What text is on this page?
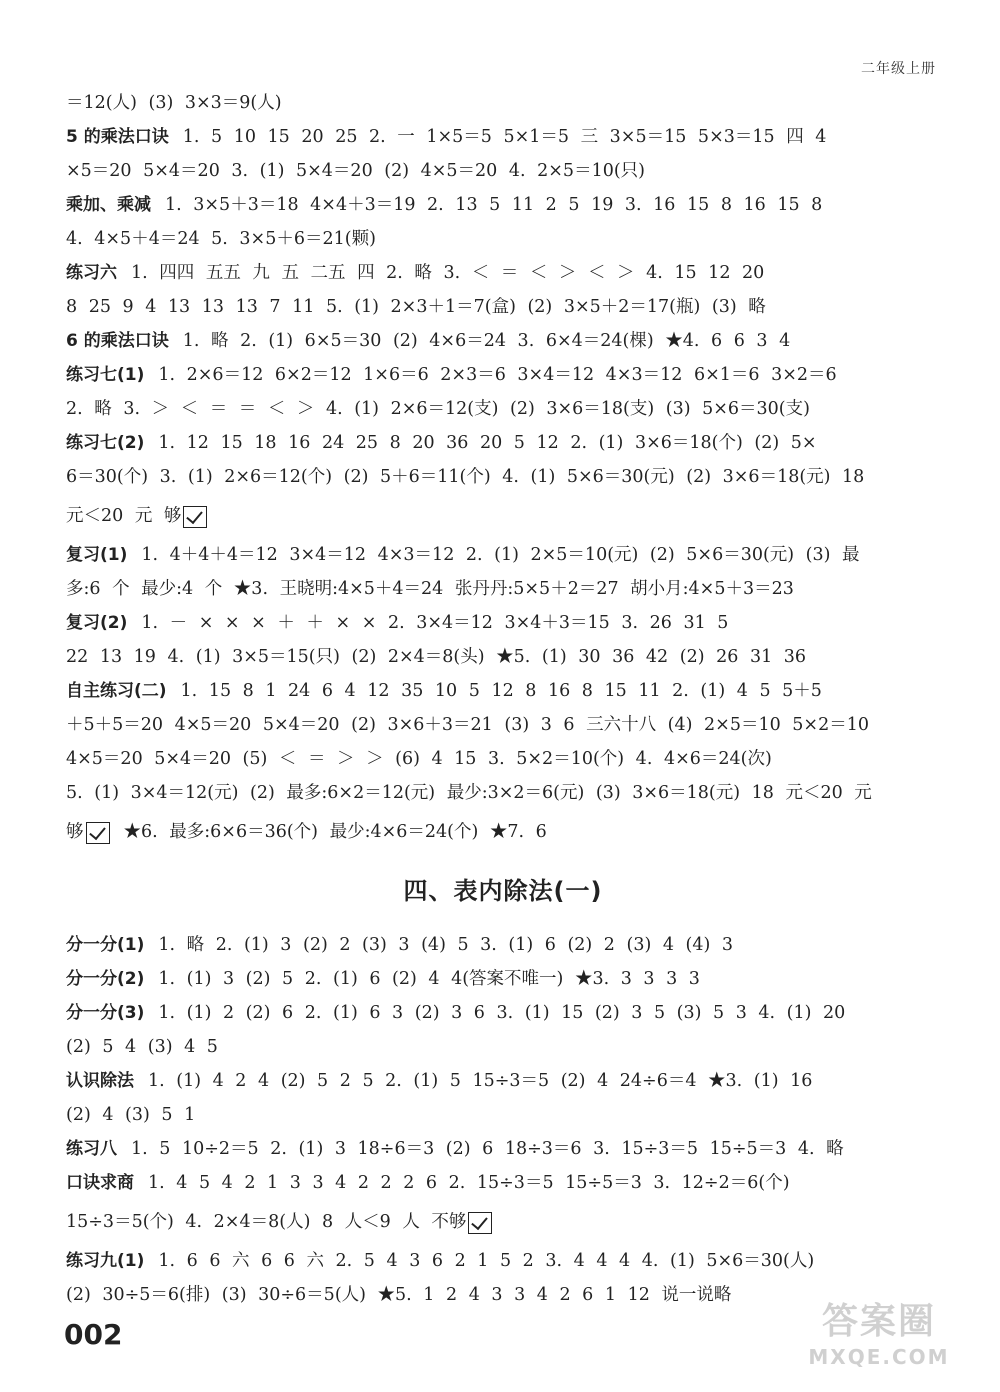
二年级上册
＝12(人) (3) 3×3＝9(人)
5 的乘法口诀 1. 5 10 15 20 25 2. 一 1×5＝5 5×1＝5 三 3×5＝15 5×3＝15 四 4
×5＝20 5×4＝20 3. (1) 5×4＝20 (2) 4×5＝20 4. 2×5＝10(只)
乘加、乘减 1. 3×5＋3＝18 4×4＋3＝19 2. 13 5 11 2 5 19 3. 16 15 8 16 15 8
4. 4×5＋4＝24 5. 3×5＋6＝21(颗)
练习六 1. 四四 五五 九 五 二五 四 2. 略 3. ＜ ＝ ＜ ＞ ＜ ＞ 4. 15 12 20
8 25 9 4 13 13 13 7 11 5. (1) 2×3＋1＝7(盒) (2) 3×5＋2＝17(瓶) (3) 略
6 的乘法口诀 1. 略 2. (1) 6×5＝30 (2) 4×6＝24 3. 6×4＝24(棵) ★4. 6 6 3 4
练习七(1) 1. 2×6＝12 6×2＝12 1×6＝6 2×3＝6 3×4＝12 4×3＝12 6×1＝6 3×2＝6
2. 略 3. ＞ ＜ ＝ ＝ ＜ ＞ 4. (1) 2×6＝12(支) (2) 3×6＝18(支) (3) 5×6＝30(支)
练习七(2) 1. 12 15 18 16 24 25 8 20 36 20 5 12 2. (1) 3×6＝18(个) (2) 5×
6＝30(个) 3. (1) 2×6＝12(个) (2) 5＋6＝11(个) 4. (1) 5×6＝30(元) (2) 3×6＝18(元) 18
元＜20 元 够
复习(1) 1. 4＋4＋4＝12 3×4＝12 4×3＝12 2. (1) 2×5＝10(元) (2) 5×6＝30(元) (3) 最
多:6 个 最少:4 个 ★3. 王晓明:4×5＋4＝24 张丹丹:5×5＋2＝27 胡小月:4×5＋3＝23
复习(2) 1. － × × × ＋ ＋ × × 2. 3×4＝12 3×4＋3＝15 3. 26 31 5
22 13 19 4. (1) 3×5＝15(只) (2) 2×4＝8(头) ★5. (1) 30 36 42 (2) 26 31 36
自主练习(二) 1. 15 8 1 24 6 4 12 35 10 5 12 8 16 8 15 11 2. (1) 4 5 5＋5
＋5＋5＝20 4×5＝20 5×4＝20 (2) 3×6＋3＝21 (3) 3 6 三六十八 (4) 2×5＝10 5×2＝10
4×5＝20 5×4＝20 (5) ＜ ＝ ＞ ＞ (6) 4 15 3. 5×2＝10(个) 4. 4×6＝24(次)
5. (1) 3×4＝12(元) (2) 最多:6×2＝12(元) 最少:3×2＝6(元) (3) 3×6＝18(元) 18 元＜20 元
够 ★6. 最多:6×6＝36(个) 最少:4×6＝24(个) ★7. 6
四、表内除法(一)
分一分(1) 1. 略 2. (1) 3 (2) 2 (3) 3 (4) 5 3. (1) 6 (2) 2 (3) 4 (4) 3
分一分(2) 1. (1) 3 (2) 5 2. (1) 6 (2) 4 4(答案不唯一) ★3. 3 3 3 3
分一分(3) 1. (1) 2 (2) 6 2. (1) 6 3 (2) 3 6 3. (1) 15 (2) 3 5 (3) 5 3 4. (1) 20
(2) 5 4 (3) 4 5
认识除法 1. (1) 4 2 4 (2) 5 2 5 2. (1) 5 15÷3＝5 (2) 4 24÷6＝4 ★3. (1) 16
(2) 4 (3) 5 1
练习八 1. 5 10÷2＝5 2. (1) 3 18÷6＝3 (2) 6 18÷3＝6 3. 15÷3＝5 15÷5＝3 4. 略
口诀求商 1. 4 5 4 2 1 3 3 4 2 2 2 6 2. 15÷3＝5 15÷5＝3 3. 12÷2＝6(个)
15÷3＝5(个) 4. 2×4＝8(人) 8 人＜9 人 不够
练习九(1) 1. 6 6 六 6 6 六 2. 5 4 3 6 2 1 5 2 3. 4 4 4 4. (1) 5×6＝30(人)
(2) 30÷5＝6(排) (3) 30÷6＝5(人) ★5. 1 2 4 3 3 4 2 6 1 12 说一说略
002	答案圈
MXQE.COM
